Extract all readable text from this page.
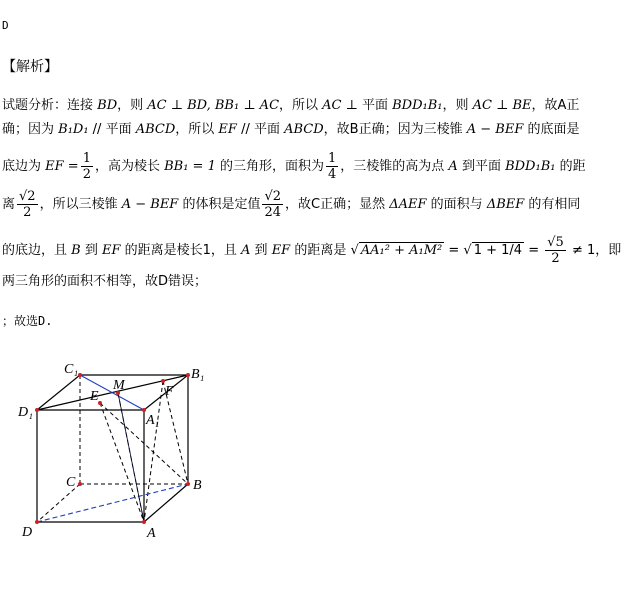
D
【解析】
试题分析：连接 BD，则 AC ⊥ BD, BB₁ ⊥ AC，所以 AC ⊥ 平面 BDD₁B₁，则 AC ⊥ BE，故A正
确；因为 B₁D₁ // 平面 ABCD，所以 EF // 平面 ABCD，故B正确；因为三棱锥 A − BEF 的底面是
底边为 EF = $\frac{1}{2}$ ，高为棱长 BB₁ = 1 的三角形，面积为 $\frac{1}{4}$ ，三棱锥的高为点 A 到平面 BDD₁B₁ 的距
离 $\frac{√2}{2}$ ，所以三棱锥 A − BEF 的体积是定值 $\frac{√2}{24}$ ，故C正确；显然 ΔAEF 的面积与 ΔBEF 的有相同
的底边，且 B 到 EF 的距离是棱长1，且 A 到 EF 的距离是 √ AA₁² + A₁M² = √ $1 + 1/4 = \frac{√5}{2} \ne 1$，即
两三角形的面积不相等，故D错误；
；故选D.
C₁
M
B₁
D₁
E	F
A₁
C	B
D	A
